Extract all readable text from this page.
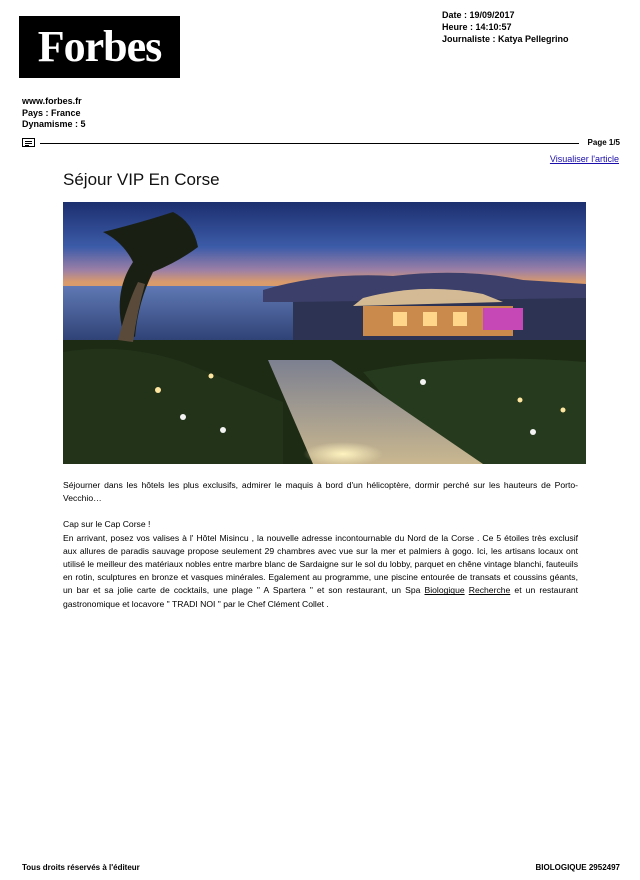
Forbes
Date : 19/09/2017
Heure : 14:10:57
Journaliste : Katya Pellegrino
www.forbes.fr
Pays : France
Dynamisme : 5
Page 1/5
Visualiser l'article
Séjour VIP En Corse

Séjourner dans les hôtels les plus exclusifs, admirer le maquis à bord d'un hélicoptère, dormir perché sur les hauteurs de Porto-Vecchio…

Cap sur le Cap Corse !

En arrivant, posez vos valises à l' Hôtel Misincu , la nouvelle adresse incontournable du Nord de la Corse . Ce 5 étoiles très exclusif aux allures de paradis sauvage propose seulement 29 chambres avec vue sur la mer et palmiers à gogo. Ici, les artisans locaux ont utilisé le meilleur des matériaux nobles entre marbre blanc de Sardaigne sur le sol du lobby, parquet en chêne vintage blanchi, fauteuils en rotin, sculptures en bronze et vasques minérales. Egalement au programme, une piscine entourée de transats et coussins géants, un bar et sa jolie carte de cocktails, une plage " A Spartera " et son restaurant, un Spa Biologique Recherche et un restaurant gastronomique et locavore " TRADI NOI " par le Chef Clément Collet .

Tous droits réservés à l'éditeur	BIOLOGIQUE 2952497
